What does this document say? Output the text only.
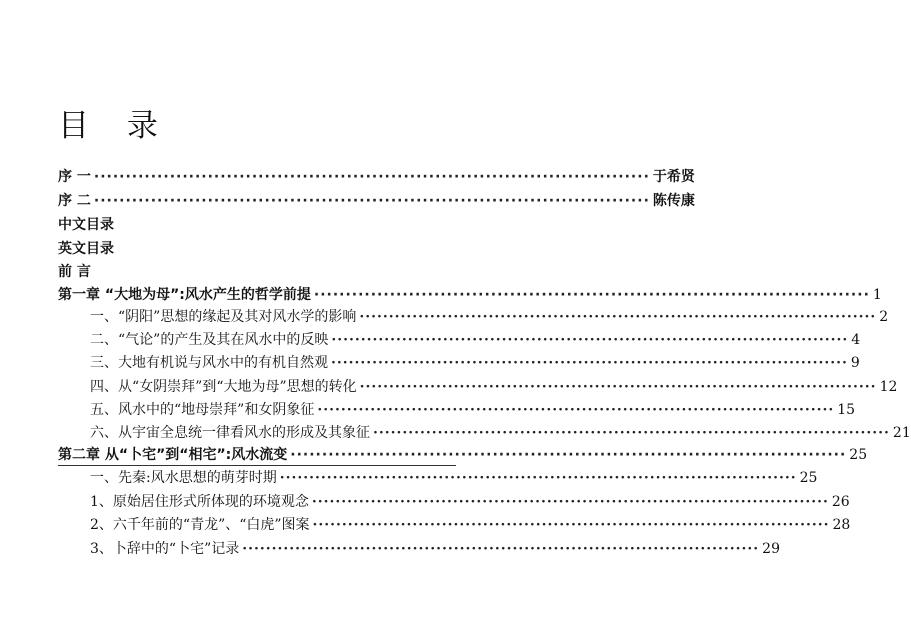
目 录
序 一 ························································································ 于希贤
序 二 ························································································ 陈传康
中文目录
英文目录
前 言
第一章 “大地为母”:风水产生的哲学前提 ························································································ 1
一、“阴阳”思想的缘起及其对风水学的影响 ························································································ 2
二、“气论”的产生及其在风水中的反映 ························································································ 4
三、大地有机说与风水中的有机自然观 ························································································ 9
四、从“女阴崇拜”到“大地为母”思想的转化 ························································································ 12
五、风水中的“地母崇拜”和女阴象征 ························································································ 15
六、从宇宙全息统一律看风水的形成及其象征 ························································································ 21
第二章 从“卜宅”到“相宅”:风水流变 ························································································ 25
一、先秦:风水思想的萌芽时期 ························································································ 25
1、原始居住形式所体现的环境观念 ························································································ 26
2、六千年前的“青龙”、“白虎”图案 ························································································ 28
3、卜辞中的“卜宅”记录 ························································································ 29
